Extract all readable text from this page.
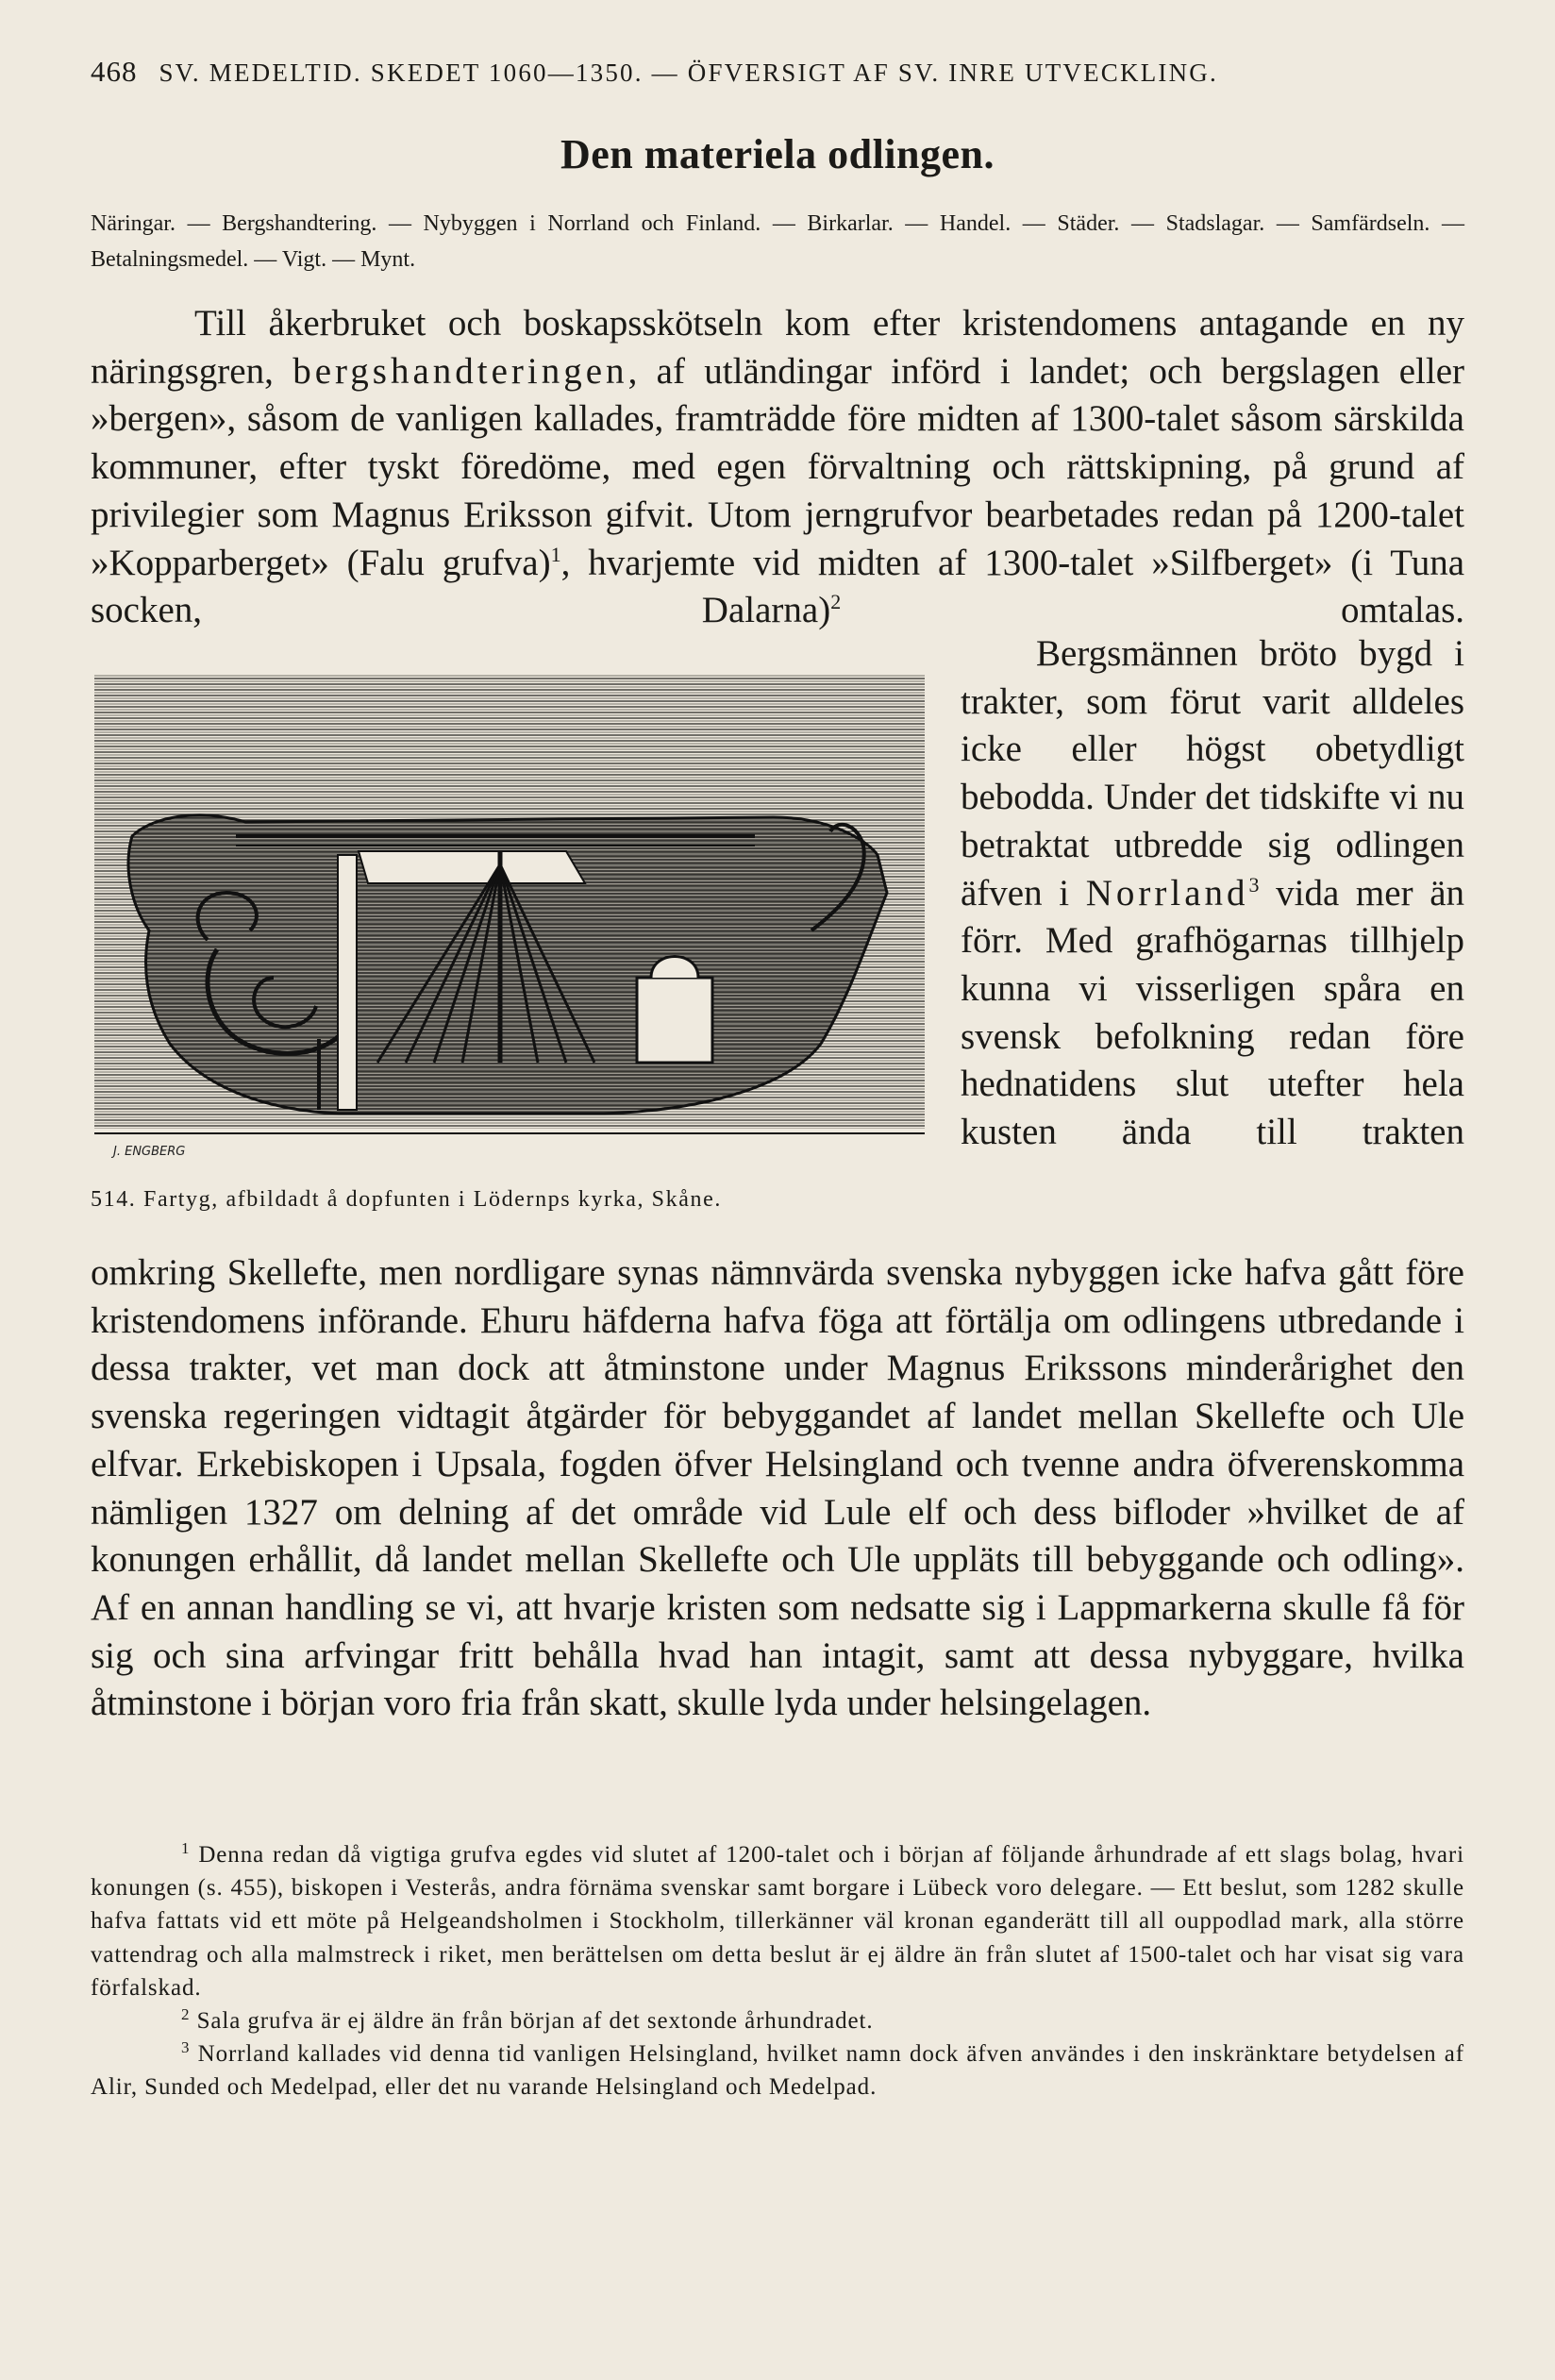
468 SV. MEDELTID. SKEDET 1060—1350. — ÖFVERSIGT AF SV. INRE UTVECKLING.
Den materiela odlingen.
Näringar. — Bergshandtering. — Nybyggen i Norrland och Finland. — Birkarlar. — Handel. — Städer. — Stadslagar. — Samfärdseln. — Betalningsmedel. — Vigt. — Mynt.

Till åkerbruket och boskapsskötseln kom efter kristendomens antagande en ny näringsgren, bergshandteringen, af utländingar införd i landet; och bergslagen eller »bergen», såsom de vanligen kallades, framträdde före midten af 1300-talet såsom särskilda kommuner, efter tyskt föredöme, med egen förvaltning och rättskipning, på grund af privilegier som Magnus Eriksson gifvit. Utom jerngrufvor bearbetades redan på 1200-talet »Kopparberget» (Falu grufva)$^1$, hvarjemte vid midten af 1300-talet »Silfberget» (i Tuna socken, Dalarna)$^2$ omtalas.

J. ENGBERG
514. Fartyg, afbildadt å dopfunten i Lödernps kyrka, Skåne.

Bergsmännen bröto bygd i trakter, som förut varit alldeles icke eller högst obetydligt bebodda. Under det tidskifte vi nu betraktat utbredde sig odlingen äfven i Norrland$^3$ vida mer än förr. Med grafhögarnas tillhjelp kunna vi visserligen spåra en svensk befolkning redan före hednatidens slut utefter hela kusten ända till trakten

omkring Skellefte, men nordligare synas nämnvärda svenska nybyggen icke hafva gått före kristendomens införande. Ehuru häfderna hafva föga att förtälja om odlingens utbredande i dessa trakter, vet man dock att åtminstone under Magnus Erikssons minderårighet den svenska regeringen vidtagit åtgärder för bebyggandet af landet mellan Skellefte och Ule elfvar. Erkebiskopen i Upsala, fogden öfver Helsingland och tvenne andra öfverenskomma nämligen 1327 om delning af det område vid Lule elf och dess bifloder »hvilket de af konungen erhållit, då landet mellan Skellefte och Ule uppläts till bebyggande och odling». Af en annan handling se vi, att hvarje kristen som nedsatte sig i Lappmarkerna skulle få för sig och sina arfvingar fritt behålla hvad han intagit, samt att dessa nybyggare, hvilka åtminstone i början voro fria från skatt, skulle lyda under helsingelagen.

$^1$ Denna redan då vigtiga grufva egdes vid slutet af 1200-talet och i början af följande århundrade af ett slags bolag, hvari konungen (s. 455), biskopen i Vesterås, andra förnäma svenskar samt borgare i Lübeck voro delegare. — Ett beslut, som 1282 skulle hafva fattats vid ett möte på Helgeandsholmen i Stockholm, tillerkänner väl kronan eganderätt till all ouppodlad mark, alla större vattendrag och alla malmstreck i riket, men berättelsen om detta beslut är ej äldre än från slutet af 1500-talet och har visat sig vara förfalskad.

$^2$ Sala grufva är ej äldre än från början af det sextonde århundradet.

$^3$ Norrland kallades vid denna tid vanligen Helsingland, hvilket namn dock äfven användes i den inskränktare betydelsen af Alir, Sunded och Medelpad, eller det nu varande Helsingland och Medelpad.
